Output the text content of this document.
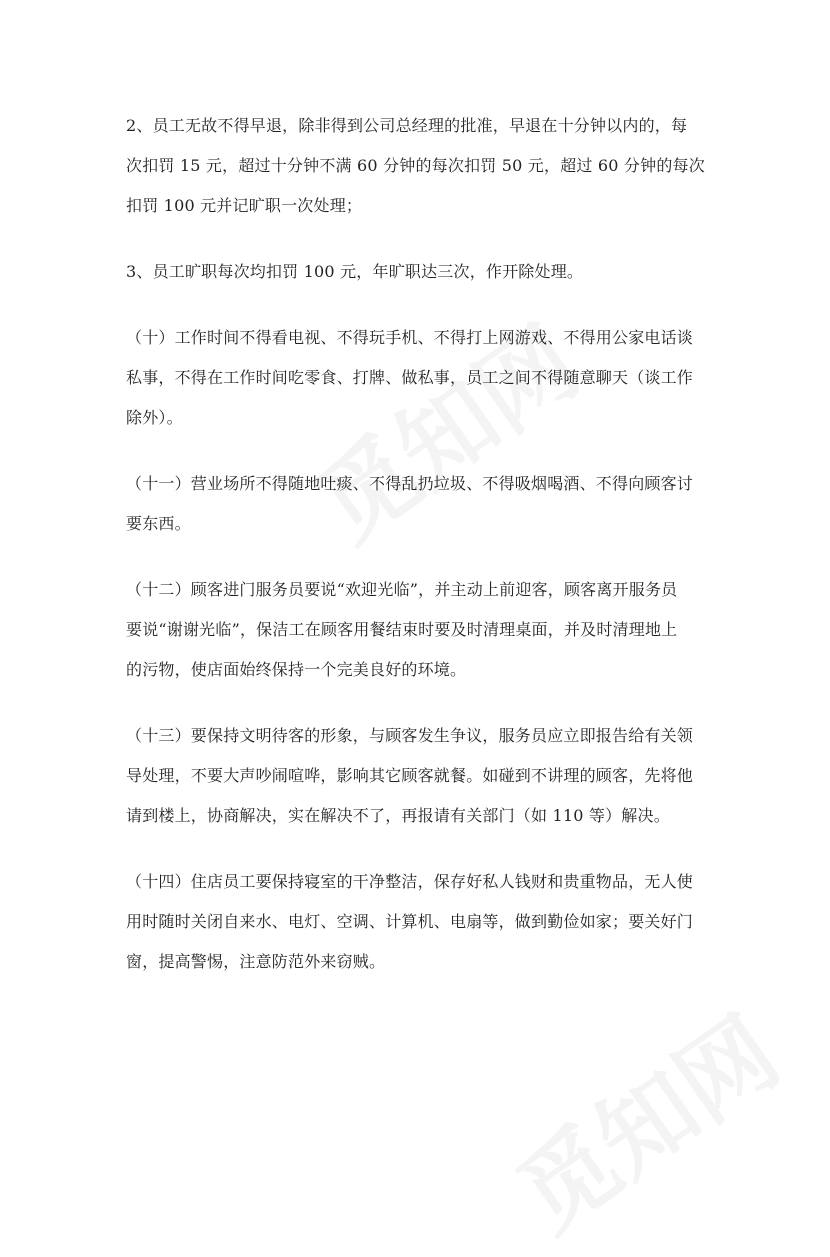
2、员工无故不得早退，除非得到公司总经理的批准，早退在十分钟以内的，每
次扣罚 15 元，超过十分钟不满 60 分钟的每次扣罚 50 元，超过 60 分钟的每次
扣罚 100 元并记旷职一次处理；

3、员工旷职每次均扣罚 100 元，年旷职达三次，作开除处理。

（十）工作时间不得看电视、不得玩手机、不得打上网游戏、不得用公家电话谈
私事，不得在工作时间吃零食、打牌、做私事，员工之间不得随意聊天（谈工作
除外）。

（十一）营业场所不得随地吐痰、不得乱扔垃圾、不得吸烟喝酒、不得向顾客讨
要东西。

（十二）顾客进门服务员要说“欢迎光临”，并主动上前迎客，顾客离开服务员
要说“谢谢光临”，保洁工在顾客用餐结束时要及时清理桌面，并及时清理地上
的污物，使店面始终保持一个完美良好的环境。

（十三）要保持文明待客的形象，与顾客发生争议，服务员应立即报告给有关领
导处理，不要大声吵闹喧哗，影响其它顾客就餐。如碰到不讲理的顾客，先将他
请到楼上，协商解决，实在解决不了，再报请有关部门（如 110 等）解决。

（十四）住店员工要保持寝室的干净整洁，保存好私人钱财和贵重物品，无人使
用时随时关闭自来水、电灯、空调、计算机、电扇等，做到勤俭如家；要关好门
窗，提高警惕，注意防范外来窃贼。
